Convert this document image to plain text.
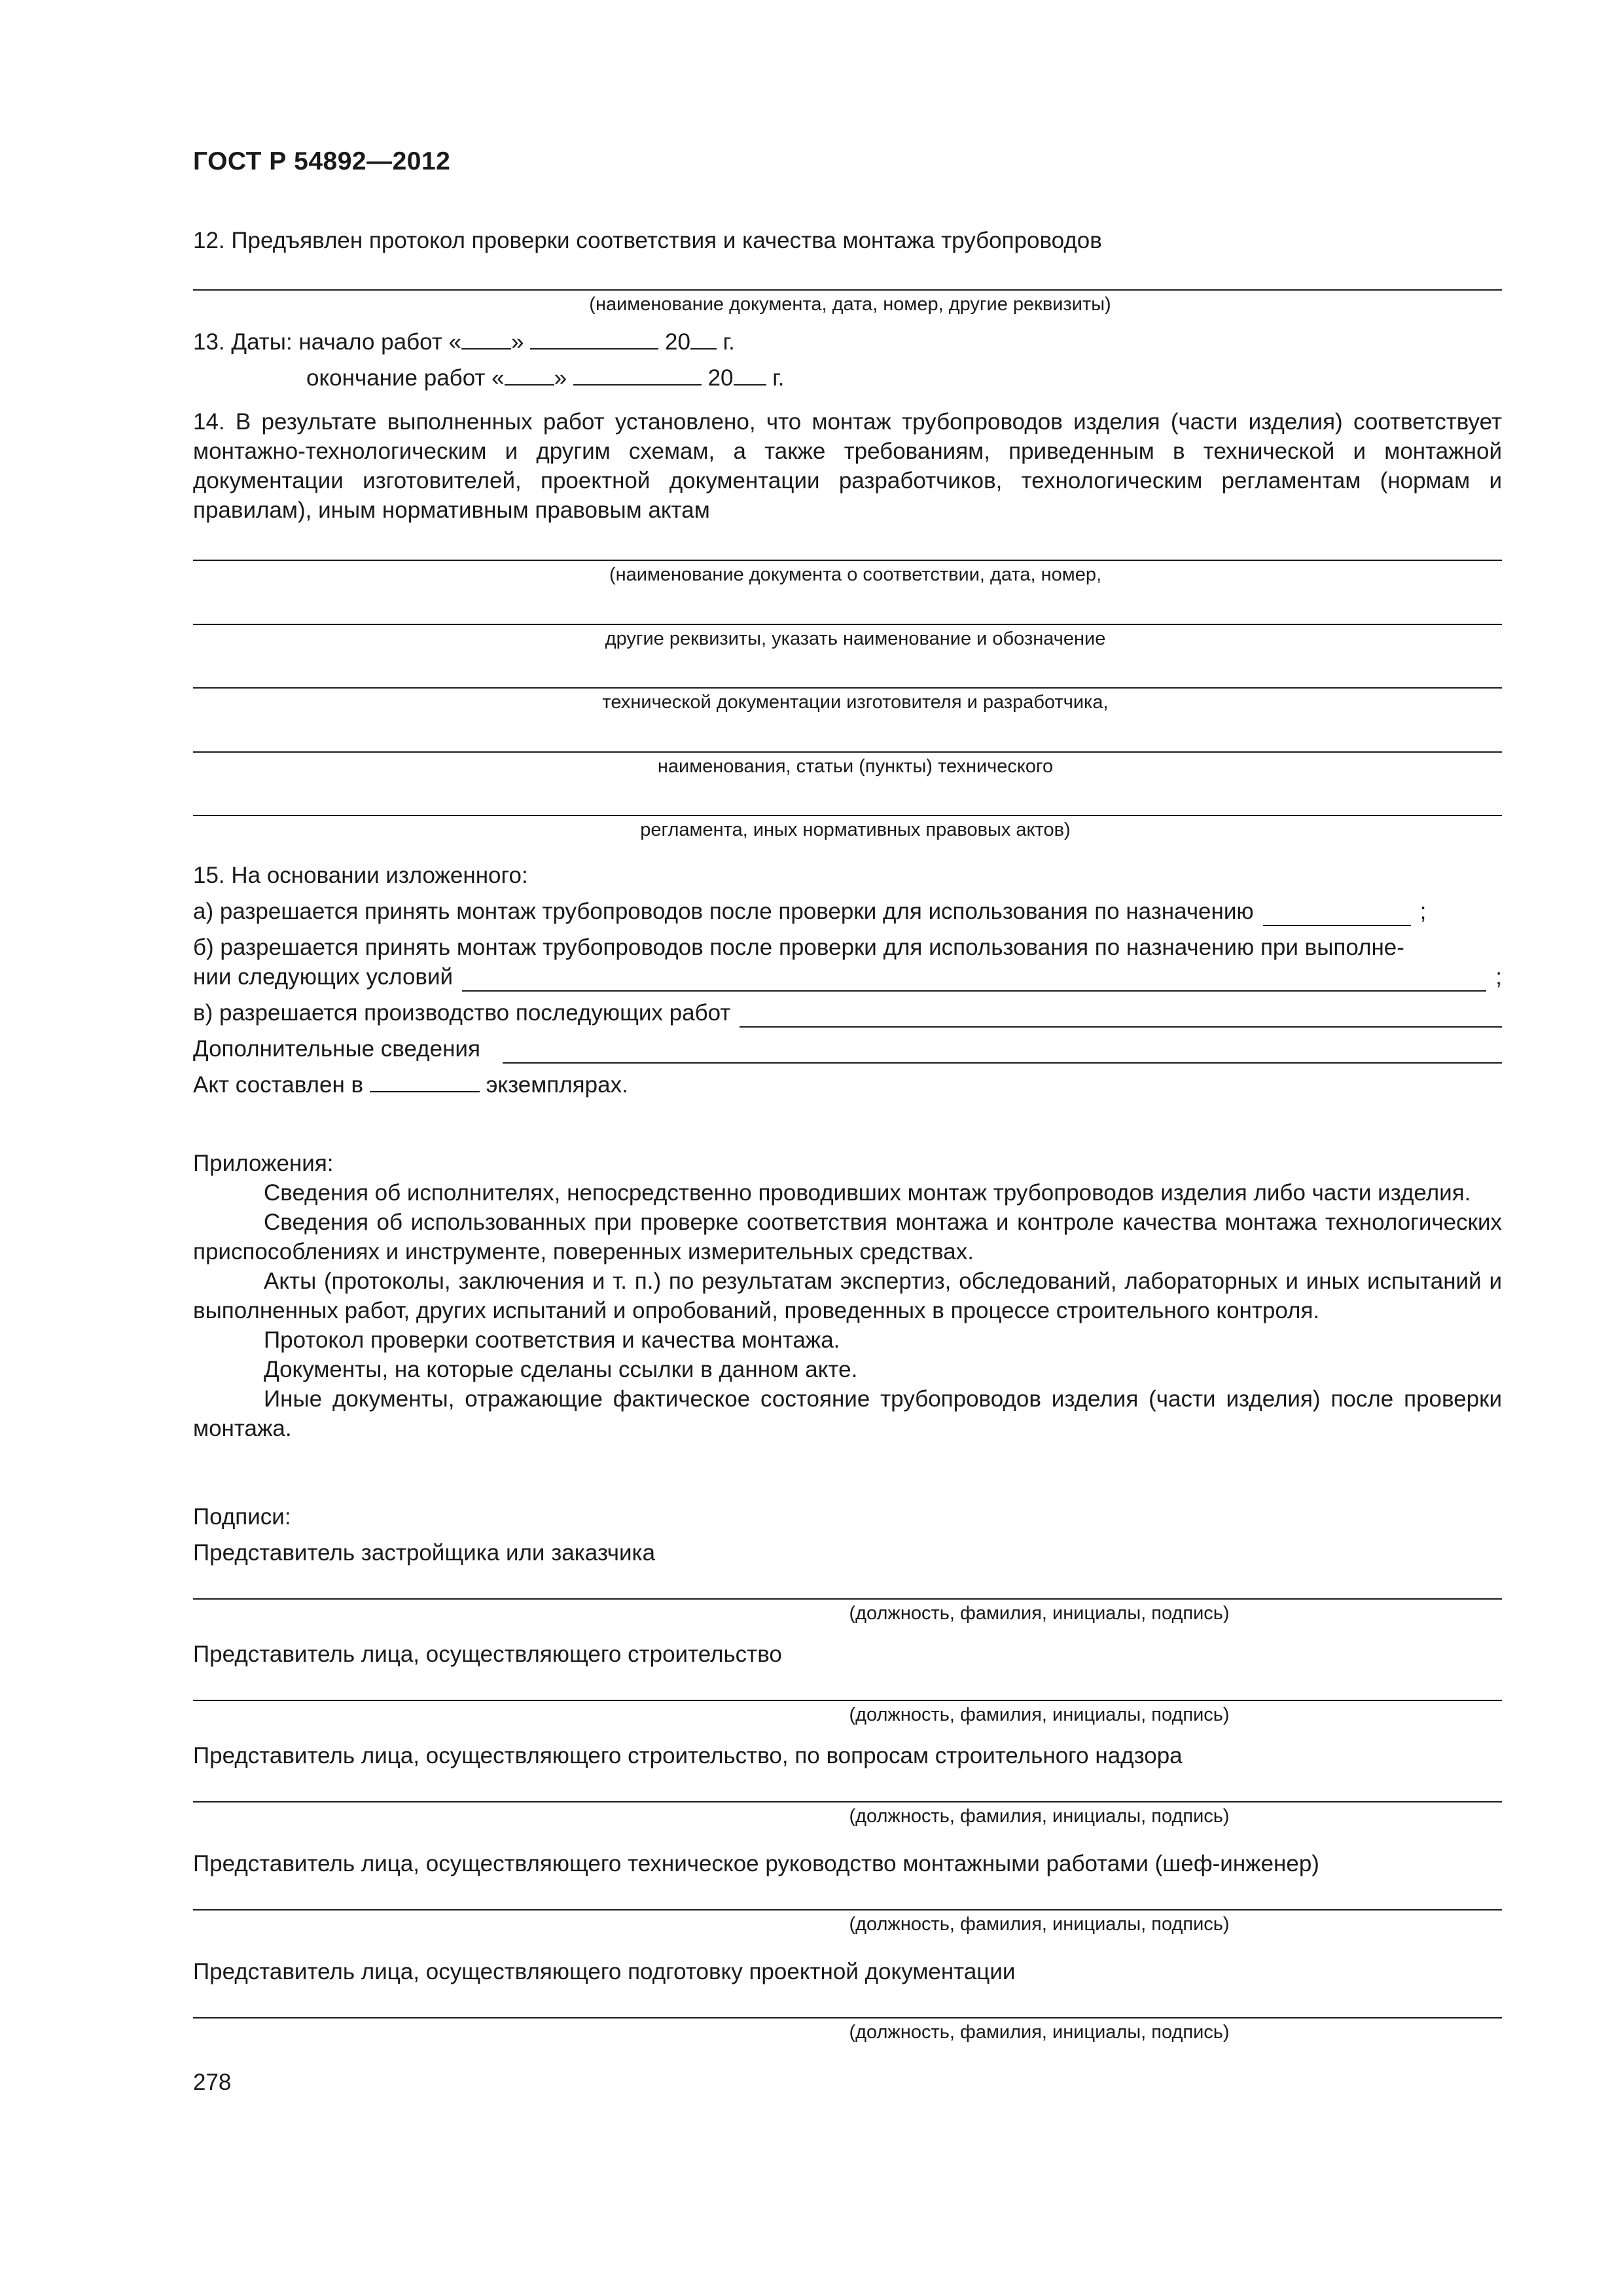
ГОСТ Р 54892—2012
12. Предъявлен протокол проверки соответствия и качества монтажа трубопроводов
(наименование документа, дата, номер, другие реквизиты)
13. Даты: начало работ « »	20 г.
окончание работ « »	20 г.
14. В результате выполненных работ установлено, что монтаж трубопроводов изделия (части изделия) соответствует монтажно-технологическим и другим схемам, а также требованиям, приведенным в технической и монтажной документации изготовителей, проектной документации разработчиков, технологическим регламентам (нормам и правилам), иным нормативным правовым актам
(наименование документа о соответствии, дата, номер,
другие реквизиты, указать наименование и обозначение
технической документации изготовителя и разработчика,
наименования, статьи (пункты) технического
регламента, иных нормативных правовых актов)
15. На основании изложенного:
а) разрешается принять монтаж трубопроводов после проверки для использования по назначению	;
б) разрешается принять монтаж трубопроводов после проверки для использования по назначению при выполне-
нии следующих условий	;
в) разрешается производство последующих работ
Дополнительные сведения
Акт составлен в	экземплярах.
Приложения:
Сведения об исполнителях, непосредственно проводивших монтаж трубопроводов изделия либо части изделия.
Сведения об использованных при проверке соответствия монтажа и контроле качества монтажа технологических приспособлениях и инструменте, поверенных измерительных средствах.
Акты (протоколы, заключения и т. п.) по результатам экспертиз, обследований, лабораторных и иных испытаний и выполненных работ, других испытаний и опробований, проведенных в процессе строительного контроля.
Протокол проверки соответствия и качества монтажа.
Документы, на которые сделаны ссылки в данном акте.
Иные документы, отражающие фактическое состояние трубопроводов изделия (части изделия) после проверки монтажа.
Подписи:
Представитель застройщика или заказчика
(должность, фамилия, инициалы, подпись)
Представитель лица, осуществляющего строительство
(должность, фамилия, инициалы, подпись)
Представитель лица, осуществляющего строительство, по вопросам строительного надзора
(должность, фамилия, инициалы, подпись)
Представитель лица, осуществляющего техническое руководство монтажными работами (шеф-инженер)
(должность, фамилия, инициалы, подпись)
Представитель лица, осуществляющего подготовку проектной документации
(должность, фамилия, инициалы, подпись)
278
